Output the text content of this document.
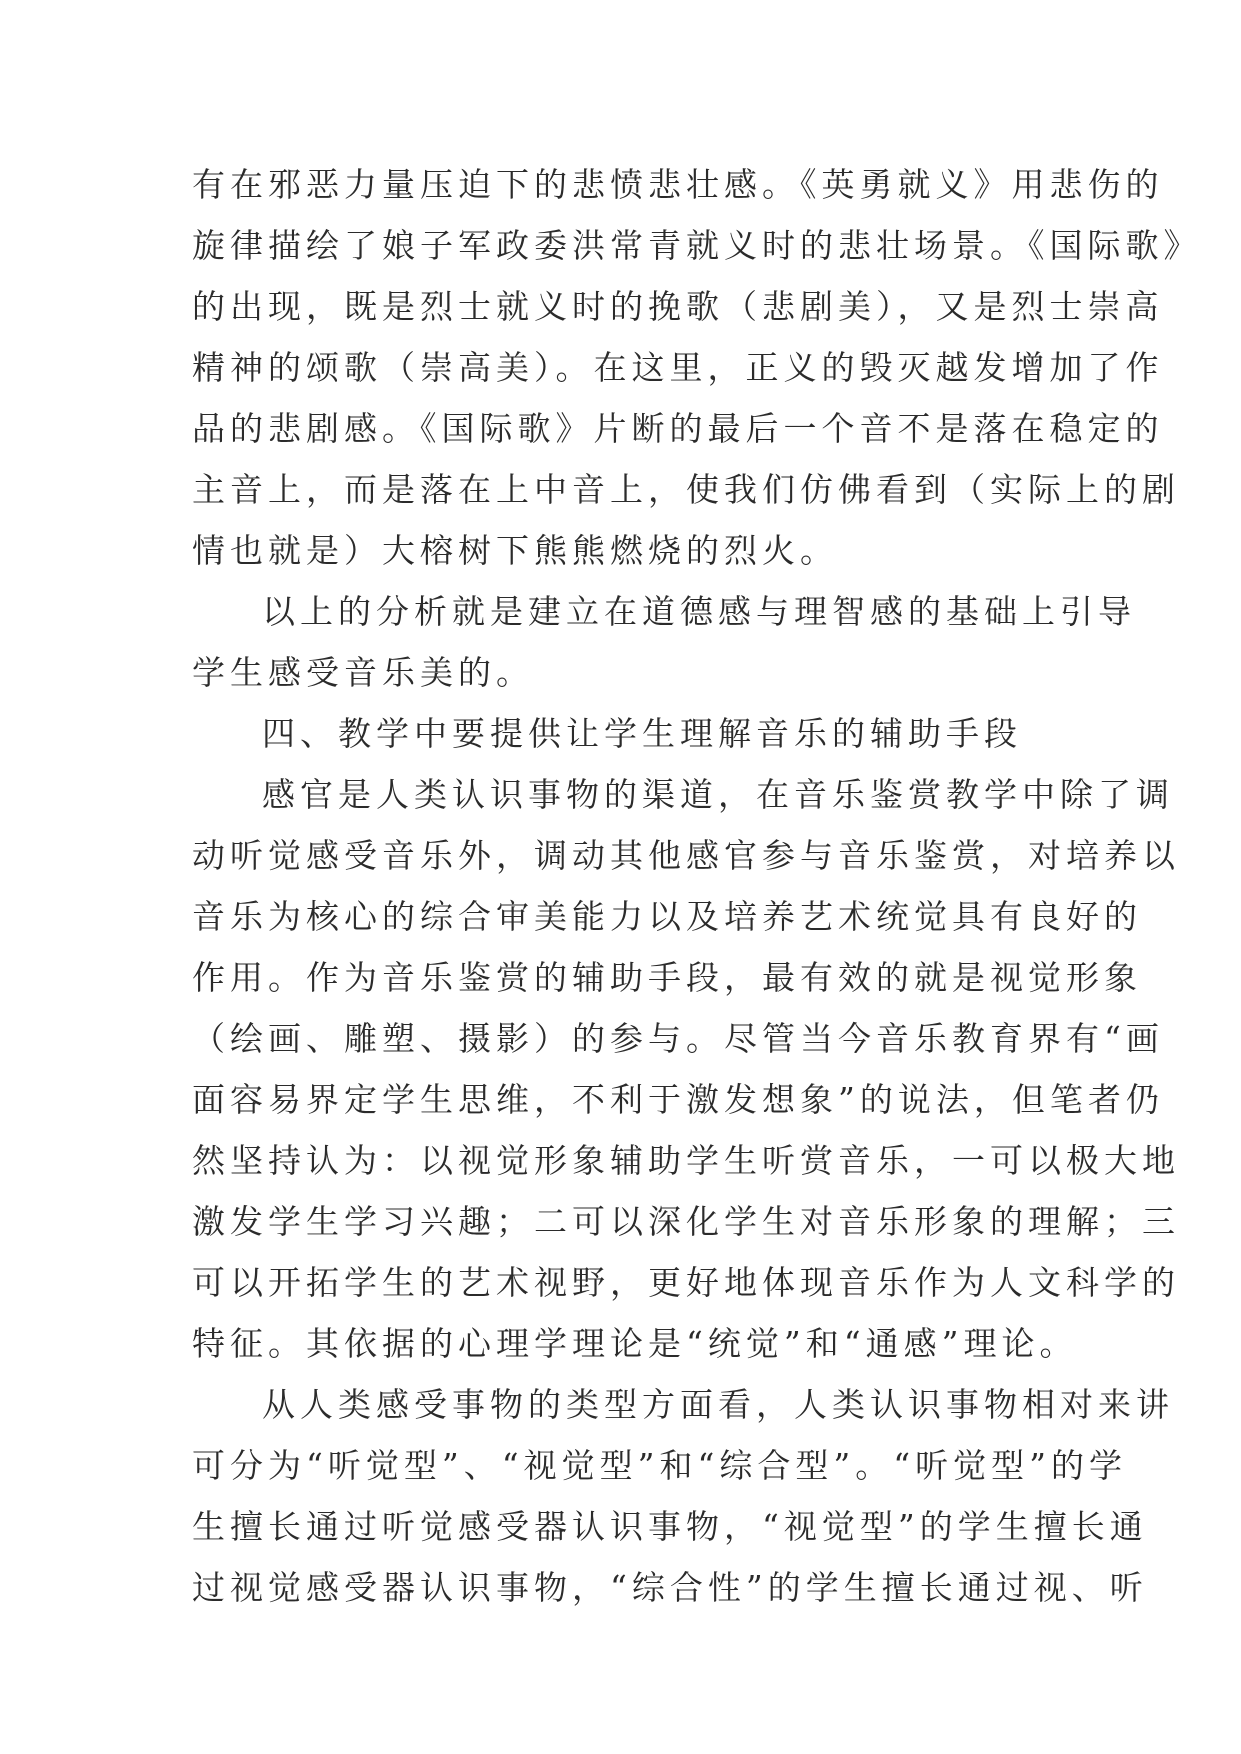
有在邪恶力量压迫下的悲愤悲壮感。《英勇就义》用悲伤的
旋律描绘了娘子军政委洪常青就义时的悲壮场景。《国际歌》
的出现，既是烈士就义时的挽歌（悲剧美），又是烈士崇高
精神的颂歌（崇高美）。在这里，正义的毁灭越发增加了作
品的悲剧感。《国际歌》片断的最后一个音不是落在稳定的
主音上，而是落在上中音上，使我们仿佛看到（实际上的剧
情也就是）大榕树下熊熊燃烧的烈火。

以上的分析就是建立在道德感与理智感的基础上引导
学生感受音乐美的。

四、教学中要提供让学生理解音乐的辅助手段

感官是人类认识事物的渠道，在音乐鉴赏教学中除了调
动听觉感受音乐外，调动其他感官参与音乐鉴赏，对培养以
音乐为核心的综合审美能力以及培养艺术统觉具有良好的
作用。作为音乐鉴赏的辅助手段，最有效的就是视觉形象
（绘画、雕塑、摄影）的参与。尽管当今音乐教育界有“画
面容易界定学生思维，不利于激发想象”的说法，但笔者仍
然坚持认为：以视觉形象辅助学生听赏音乐，一可以极大地
激发学生学习兴趣；二可以深化学生对音乐形象的理解；三
可以开拓学生的艺术视野，更好地体现音乐作为人文科学的
特征。其依据的心理学理论是“统觉”和“通感”理论。

从人类感受事物的类型方面看，人类认识事物相对来讲
可分为“听觉型”、“视觉型”和“综合型”。“听觉型”的学
生擅长通过听觉感受器认识事物，“视觉型”的学生擅长通
过视觉感受器认识事物，“综合性”的学生擅长通过视、听
